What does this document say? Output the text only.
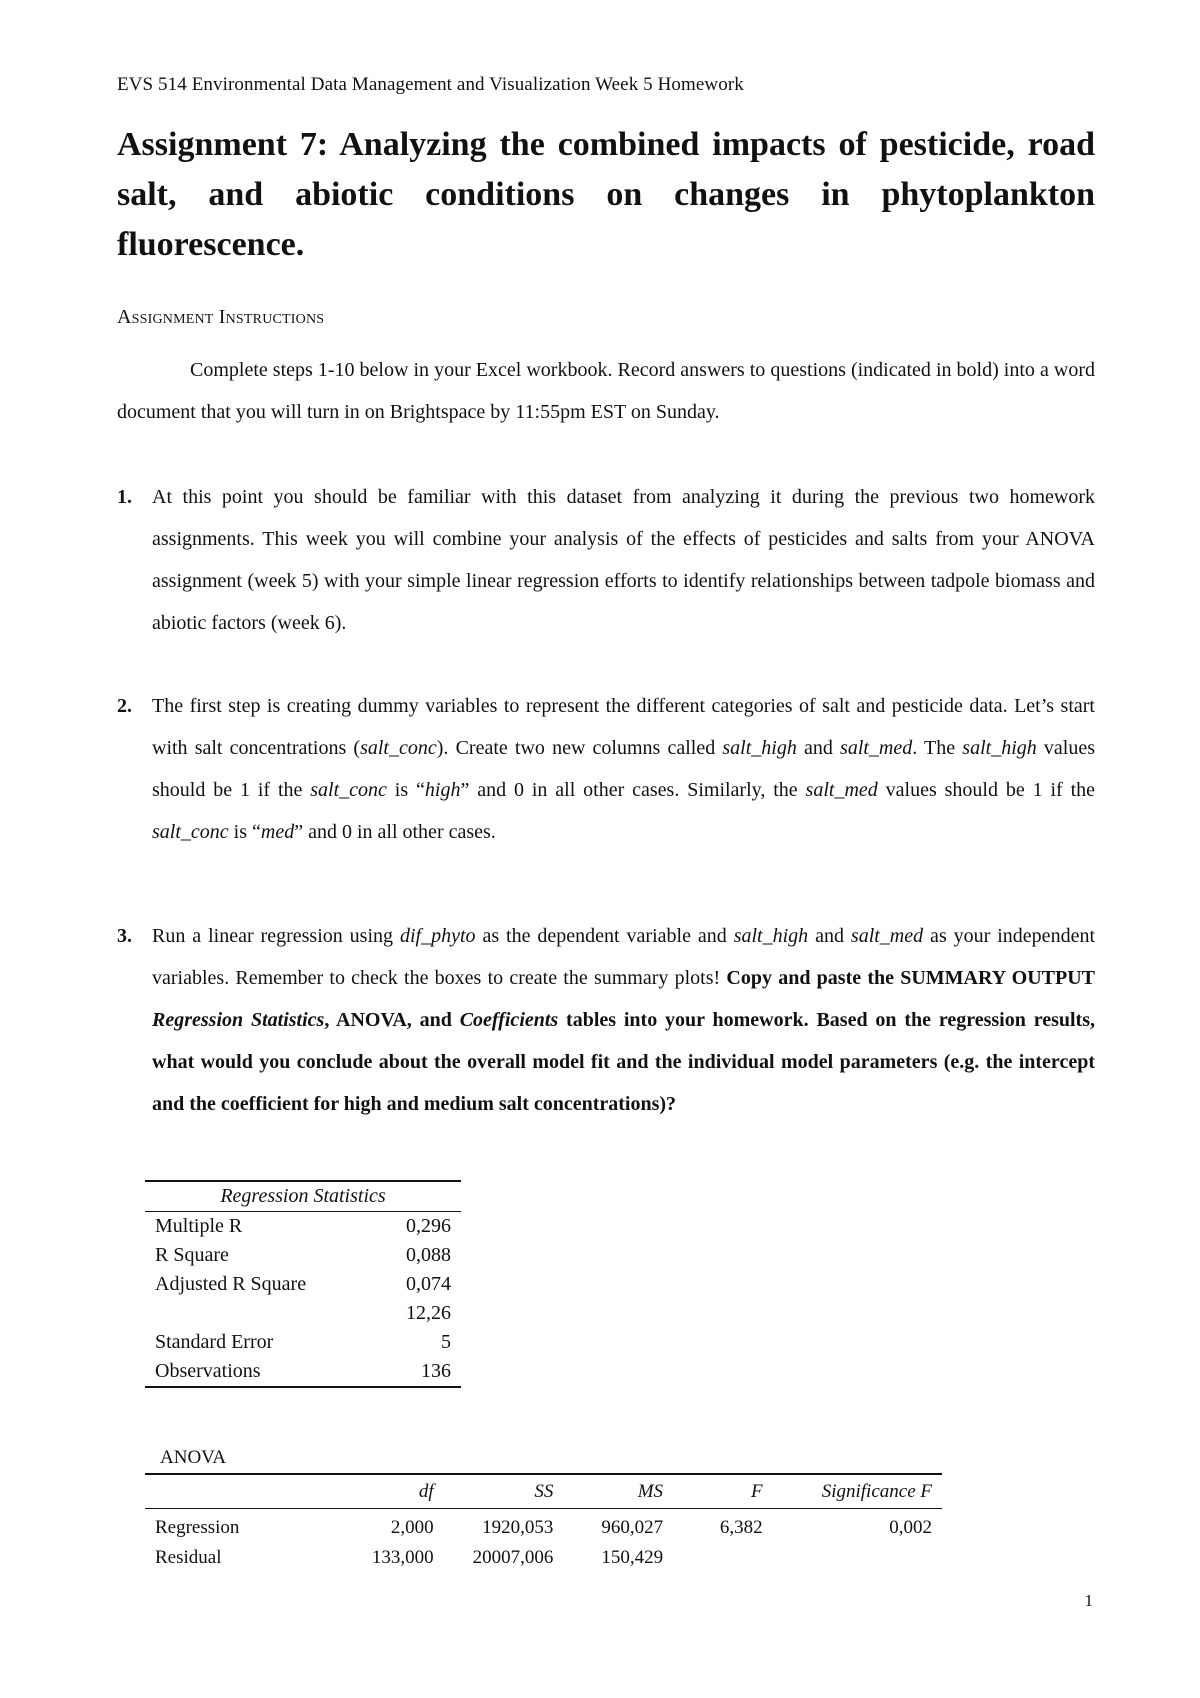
EVS 514 Environmental Data Management and Visualization Week 5 Homework
Assignment 7: Analyzing the combined impacts of pesticide, road salt, and abiotic conditions on changes in phytoplankton fluorescence.
Assignment Instructions

Complete steps 1-10 below in your Excel workbook. Record answers to questions (indicated in bold) into a word document that you will turn in on Brightspace by 11:55pm EST on Sunday.

1. At this point you should be familiar with this dataset from analyzing it during the previous two homework assignments. This week you will combine your analysis of the effects of pesticides and salts from your ANOVA assignment (week 5) with your simple linear regression efforts to identify relationships between tadpole biomass and abiotic factors (week 6).
2. The first step is creating dummy variables to represent the different categories of salt and pesticide data. Let’s start with salt concentrations (salt_conc). Create two new columns called salt_high and salt_med. The salt_high values should be 1 if the salt_conc is “high” and 0 in all other cases. Similarly, the salt_med values should be 1 if the salt_conc is “med” and 0 in all other cases.
3. Run a linear regression using dif_phyto as the dependent variable and salt_high and salt_med as your independent variables. Remember to check the boxes to create the summary plots! Copy and paste the SUMMARY OUTPUT Regression Statistics, ANOVA, and Coefficients tables into your homework. Based on the regression results, what would you conclude about the overall model fit and the individual model parameters (e.g. the intercept and the coefficient for high and medium salt concentrations)?
Regression Statistics
Multiple R	0,296
R Square	0,088
Adjusted R Square	0,074
	12,26
Standard Error	5
Observations	136
ANOVA
	df	SS	MS	F	Significance F
Regression	2,000	1920,053	960,027	6,382	0,002
Residual	133,000	20007,006	150,429		
1
